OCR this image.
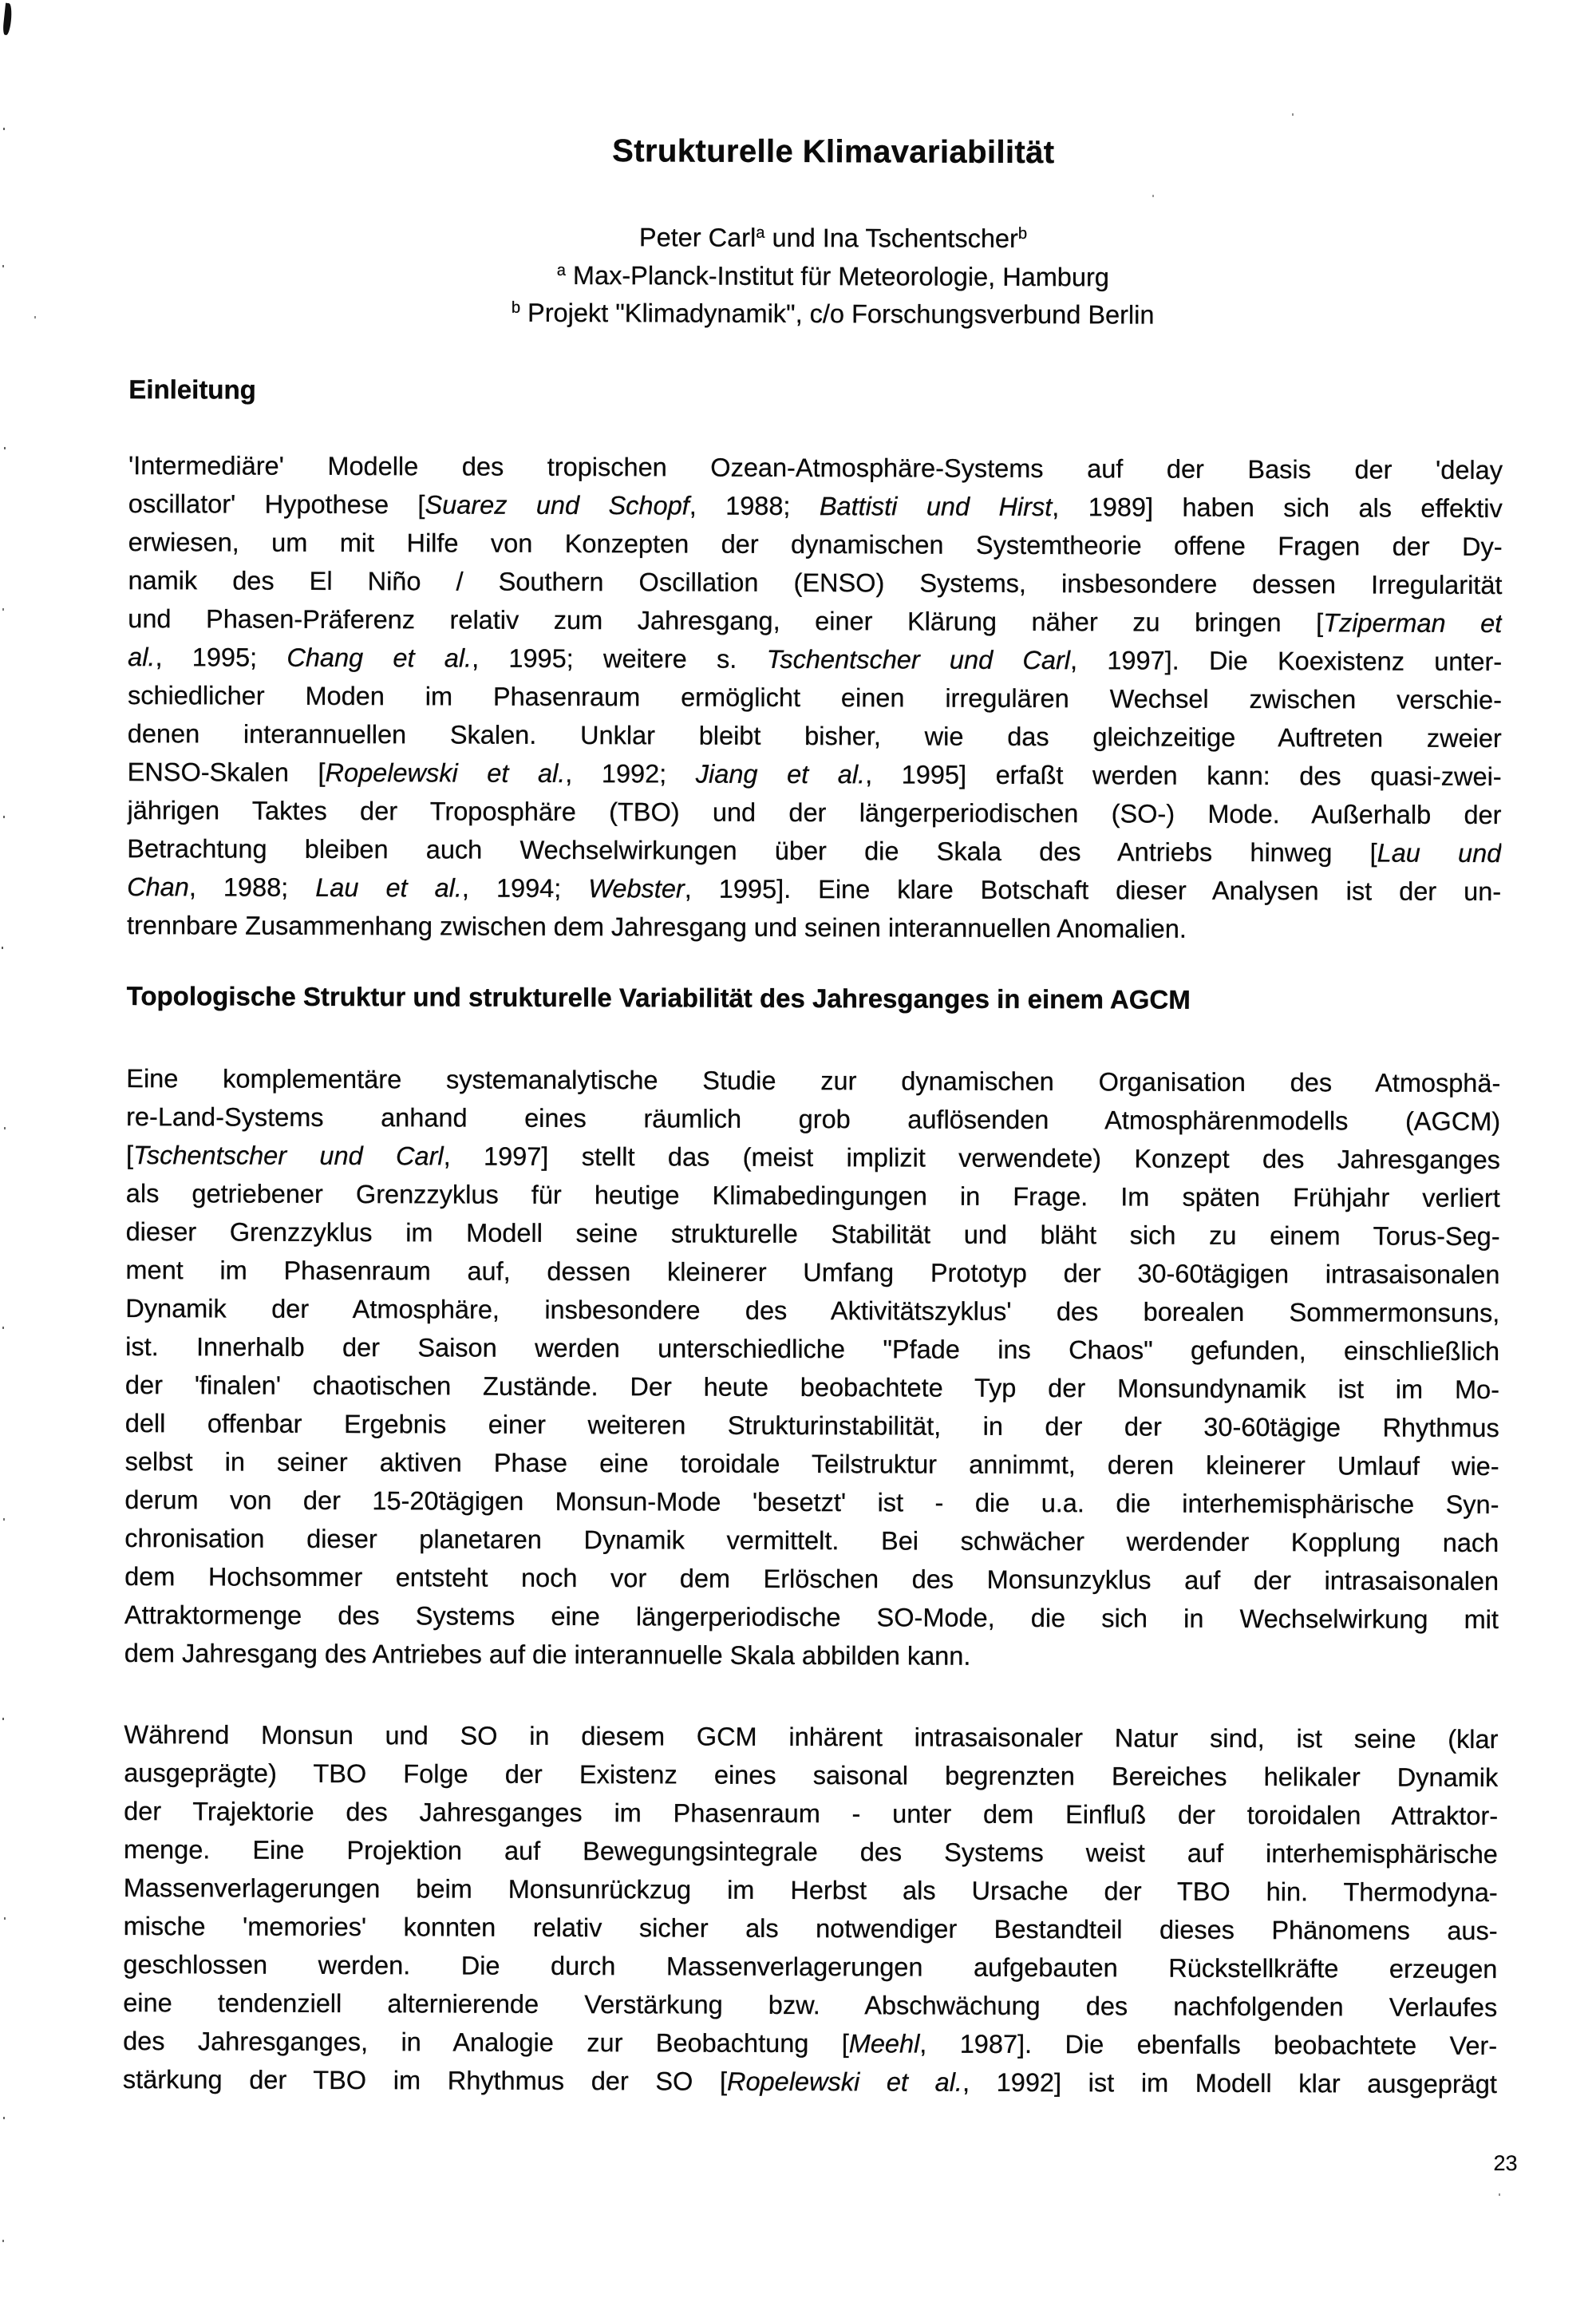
Strukturelle Klimavariabilität
Peter Carl$^a$ und Ina Tschentscher$^b$
$^a$ Max-Planck-Institut für Meteorologie, Hamburg
$^b$ Projekt "Klimadynamik", c/o Forschungsverbund Berlin
Einleitung
'Intermediäre' Modelle des tropischen Ozean-Atmosphäre-Systems auf der Basis der 'delay
oscillator' Hypothese [Suarez und Schopf, 1988; Battisti und Hirst, 1989] haben sich als effektiv
erwiesen, um mit Hilfe von Konzepten der dynamischen Systemtheorie offene Fragen der Dy-
namik des El Niño / Southern Oscillation (ENSO) Systems, insbesondere dessen Irregularität
und Phasen-Präferenz relativ zum Jahresgang, einer Klärung näher zu bringen [Tziperman et
al., 1995; Chang et al., 1995; weitere s. Tschentscher und Carl, 1997]. Die Koexistenz unter-
schiedlicher Moden im Phasenraum ermöglicht einen irregulären Wechsel zwischen verschie-
denen interannuellen Skalen. Unklar bleibt bisher, wie das gleichzeitige Auftreten zweier
ENSO-Skalen [Ropelewski et al., 1992; Jiang et al., 1995] erfaßt werden kann: des quasi-zwei-
jährigen Taktes der Troposphäre (TBO) und der längerperiodischen (SO-) Mode. Außerhalb der
Betrachtung bleiben auch Wechselwirkungen über die Skala des Antriebs hinweg [Lau und
Chan, 1988; Lau et al., 1994; Webster, 1995]. Eine klare Botschaft dieser Analysen ist der un-
trennbare Zusammenhang zwischen dem Jahresgang und seinen interannuellen Anomalien.
Topologische Struktur und strukturelle Variabilität des Jahresganges in einem AGCM
Eine komplementäre systemanalytische Studie zur dynamischen Organisation des Atmosphä-
re-Land-Systems anhand eines räumlich grob auflösenden Atmosphärenmodells (AGCM)
[Tschentscher und Carl, 1997] stellt das (meist implizit verwendete) Konzept des Jahresganges
als getriebener Grenzzyklus für heutige Klimabedingungen in Frage. Im späten Frühjahr verliert
dieser Grenzzyklus im Modell seine strukturelle Stabilität und bläht sich zu einem Torus-Seg-
ment im Phasenraum auf, dessen kleinerer Umfang Prototyp der 30-60tägigen intrasaisonalen
Dynamik der Atmosphäre, insbesondere des Aktivitätszyklus' des borealen Sommermonsuns,
ist. Innerhalb der Saison werden unterschiedliche "Pfade ins Chaos" gefunden, einschließlich
der 'finalen' chaotischen Zustände. Der heute beobachtete Typ der Monsundynamik ist im Mo-
dell offenbar Ergebnis einer weiteren Strukturinstabilität, in der der 30-60tägige Rhythmus
selbst in seiner aktiven Phase eine toroidale Teilstruktur annimmt, deren kleinerer Umlauf wie-
derum von der 15-20tägigen Monsun-Mode 'besetzt' ist - die u.a. die interhemisphärische Syn-
chronisation dieser planetaren Dynamik vermittelt. Bei schwächer werdender Kopplung nach
dem Hochsommer entsteht noch vor dem Erlöschen des Monsunzyklus auf der intrasaisonalen
Attraktormenge des Systems eine längerperiodische SO-Mode, die sich in Wechselwirkung mit
dem Jahresgang des Antriebes auf die interannuelle Skala abbilden kann.
Während Monsun und SO in diesem GCM inhärent intrasaisonaler Natur sind, ist seine (klar
ausgeprägte) TBO Folge der Existenz eines saisonal begrenzten Bereiches helikaler Dynamik
der Trajektorie des Jahresganges im Phasenraum - unter dem Einfluß der toroidalen Attraktor-
menge. Eine Projektion auf Bewegungsintegrale des Systems weist auf interhemisphärische
Massenverlagerungen beim Monsunrückzug im Herbst als Ursache der TBO hin. Thermodyna-
mische 'memories' konnten relativ sicher als notwendiger Bestandteil dieses Phänomens aus-
geschlossen werden. Die durch Massenverlagerungen aufgebauten Rückstellkräfte erzeugen
eine tendenziell alternierende Verstärkung bzw. Abschwächung des nachfolgenden Verlaufes
des Jahresganges, in Analogie zur Beobachtung [Meehl, 1987]. Die ebenfalls beobachtete Ver-
stärkung der TBO im Rhythmus der SO [Ropelewski et al., 1992] ist im Modell klar ausgeprägt
23
